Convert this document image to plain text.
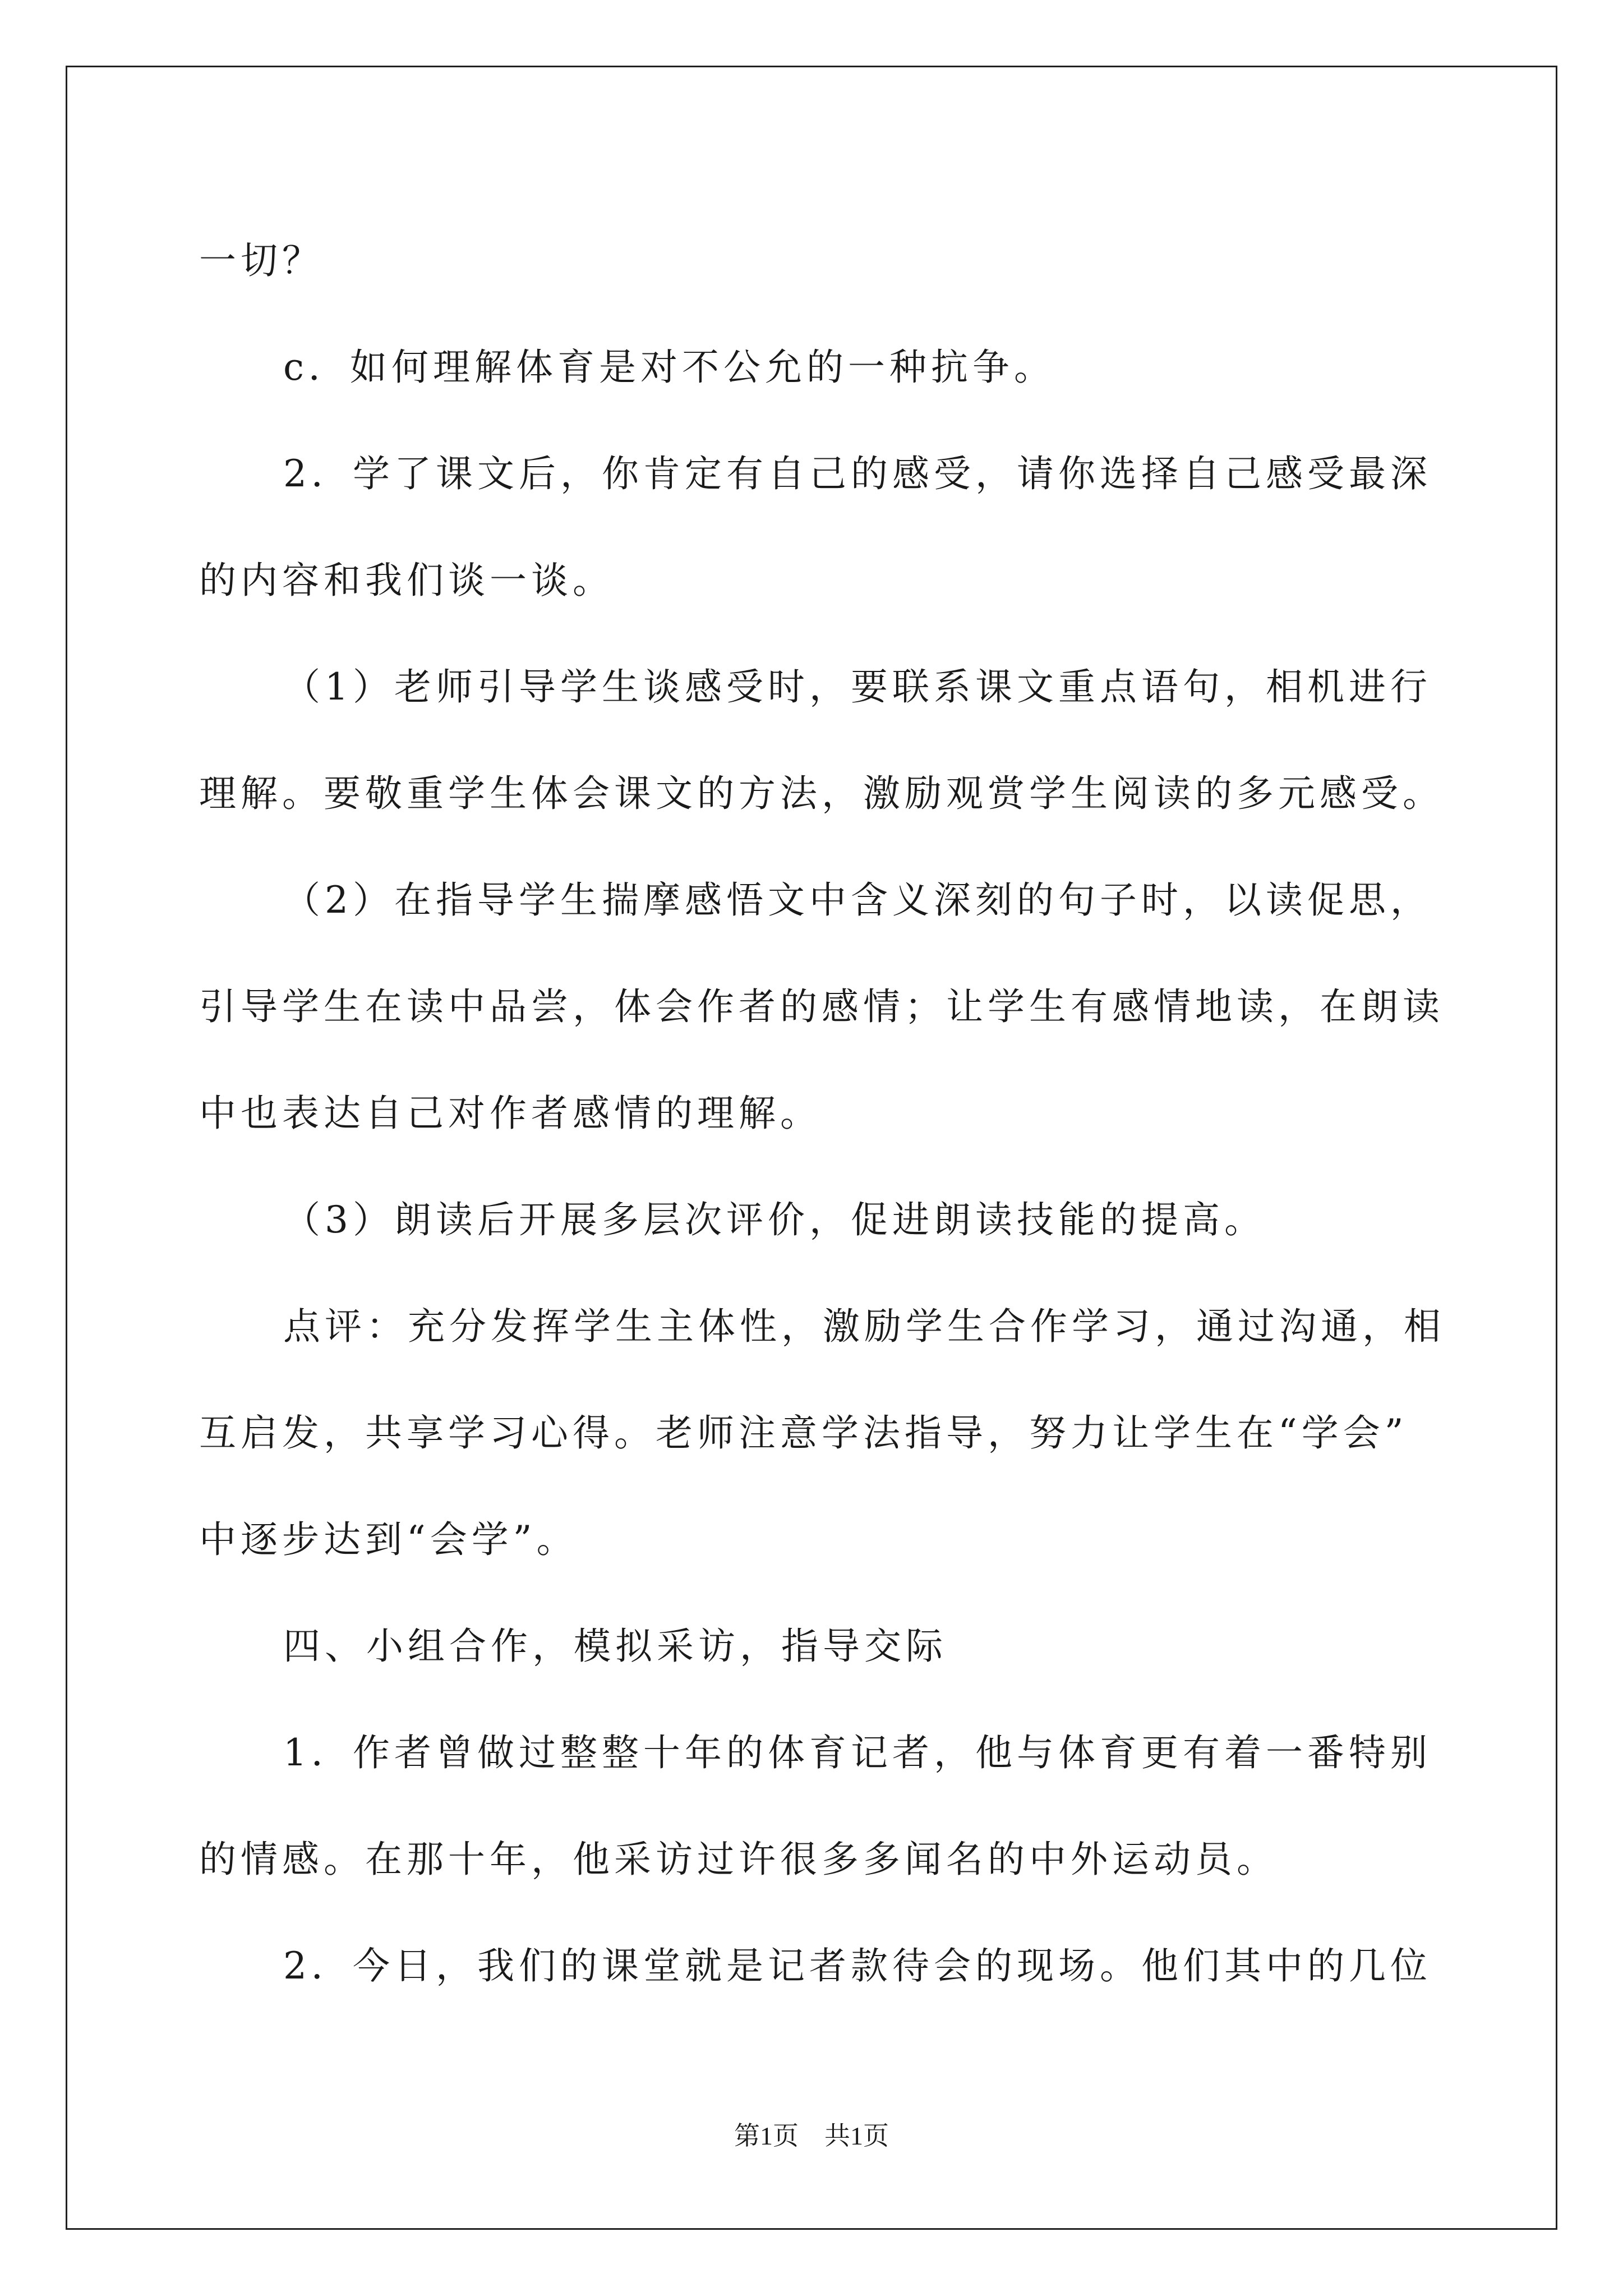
一切？
c．如何理解体育是对不公允的一种抗争。
2．学了课文后，你肯定有自己的感受，请你选择自己感受最深
的内容和我们谈一谈。
（1）老师引导学生谈感受时，要联系课文重点语句，相机进行
理解。要敬重学生体会课文的方法，激励观赏学生阅读的多元感受。
（2）在指导学生揣摩感悟文中含义深刻的句子时，以读促思，
引导学生在读中品尝，体会作者的感情；让学生有感情地读，在朗读
中也表达自己对作者感情的理解。
（3）朗读后开展多层次评价，促进朗读技能的提高。
点评：充分发挥学生主体性，激励学生合作学习，通过沟通，相
互启发，共享学习心得。老师注意学法指导，努力让学生在“学会”
中逐步达到“会学”。
四、小组合作，模拟采访，指导交际
1．作者曾做过整整十年的体育记者，他与体育更有着一番特别
的情感。在那十年，他采访过许很多多闻名的中外运动员。
2．今日，我们的课堂就是记者款待会的现场。他们其中的几位
第1页　共1页
